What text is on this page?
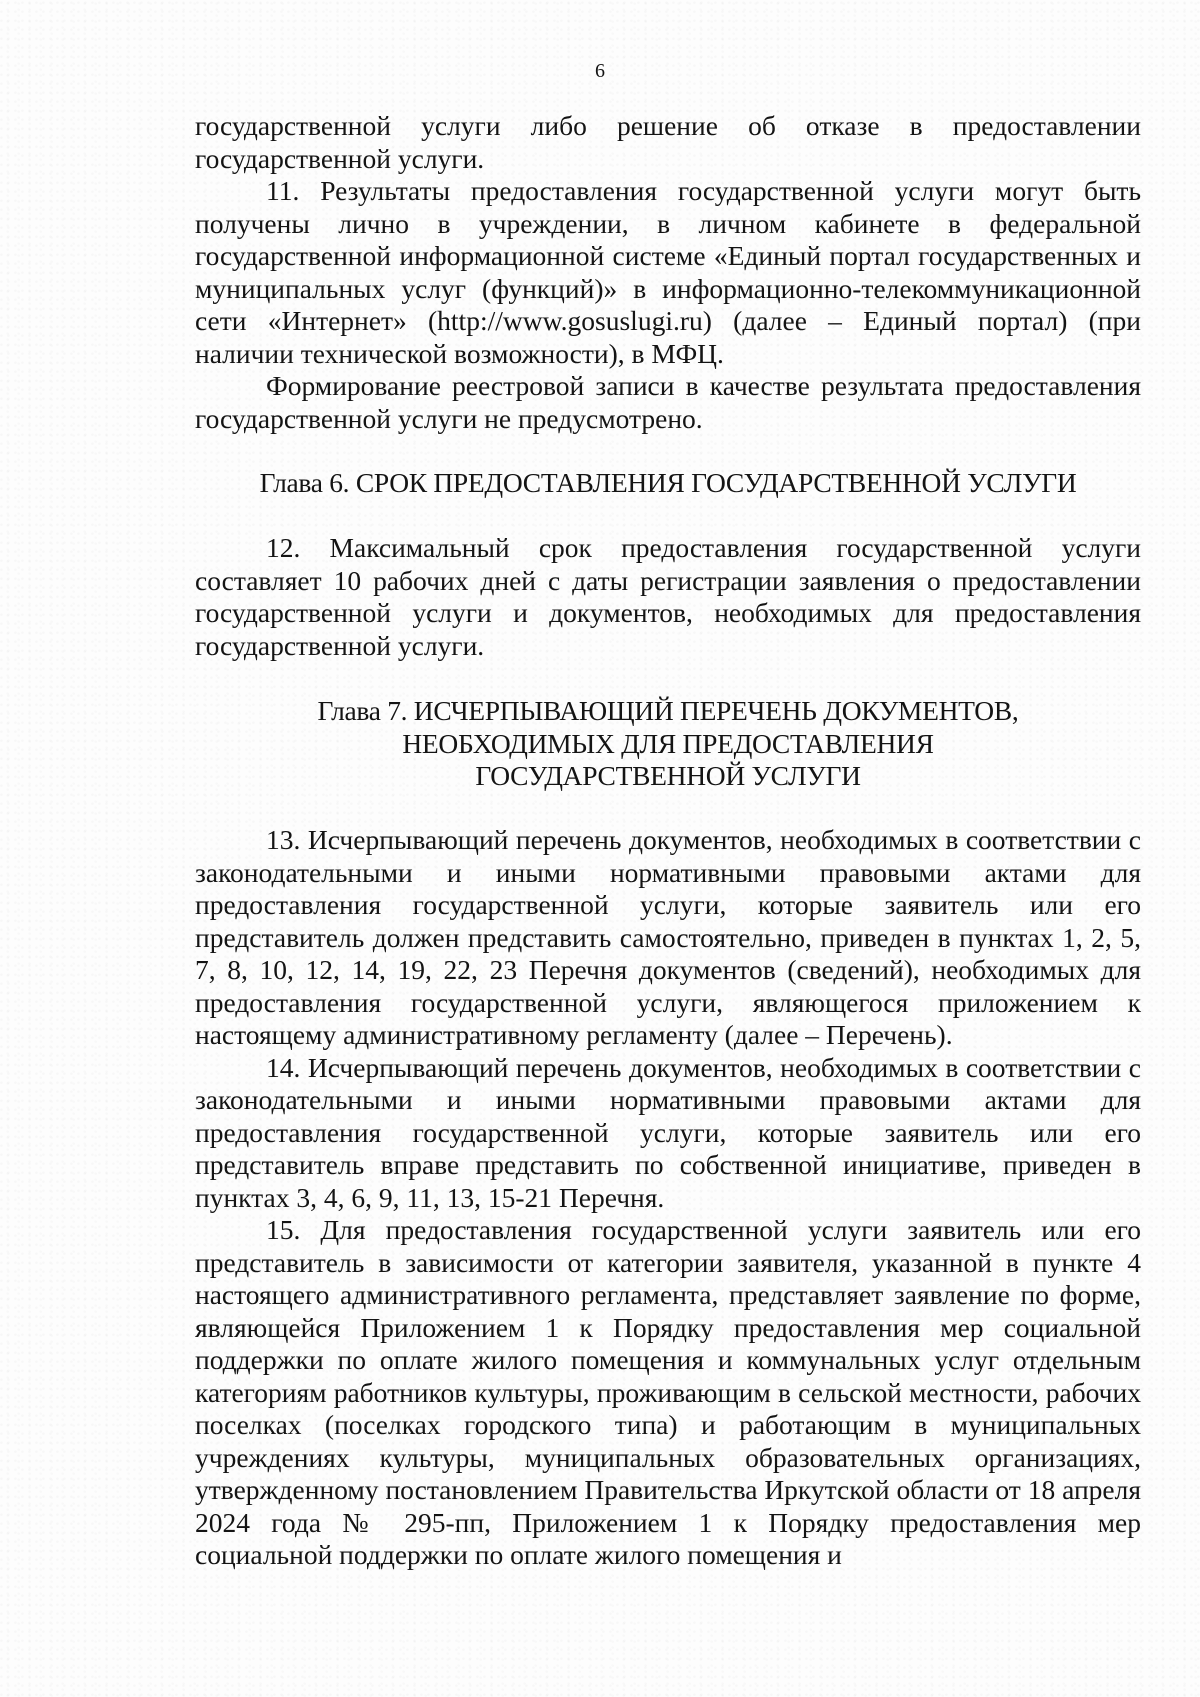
6

государственной услуги либо решение об отказе в предоставлении государственной услуги.

11. Результаты предоставления государственной услуги могут быть получены лично в учреждении, в личном кабинете в федеральной государственной информационной системе «Единый портал государственных и муниципальных услуг (функций)» в информационно-телекоммуникационной сети «Интернет» (http://www.gosuslugi.ru) (далее – Единый портал) (при наличии технической возможности), в МФЦ.

Формирование реестровой записи в качестве результата предоставления государственной услуги не предусмотрено.

Глава 6. СРОК ПРЕДОСТАВЛЕНИЯ ГОСУДАРСТВЕННОЙ УСЛУГИ

12. Максимальный срок предоставления государственной услуги составляет 10 рабочих дней с даты регистрации заявления о предоставлении государственной услуги и документов, необходимых для предоставления государственной услуги.

Глава 7. ИСЧЕРПЫВАЮЩИЙ ПЕРЕЧЕНЬ ДОКУМЕНТОВ,
НЕОБХОДИМЫХ ДЛЯ ПРЕДОСТАВЛЕНИЯ
ГОСУДАРСТВЕННОЙ УСЛУГИ

13. Исчерпывающий перечень документов, необходимых в соответствии с законодательными и иными нормативными правовыми актами для предоставления государственной услуги, которые заявитель или его представитель должен представить самостоятельно, приведен в пунктах 1, 2, 5, 7, 8, 10, 12, 14, 19, 22, 23 Перечня документов (сведений), необходимых для предоставления государственной услуги, являющегося приложением к настоящему административному регламенту (далее – Перечень).

14. Исчерпывающий перечень документов, необходимых в соответствии с законодательными и иными нормативными правовыми актами для предоставления государственной услуги, которые заявитель или его представитель вправе представить по собственной инициативе, приведен в пунктах 3, 4, 6, 9, 11, 13, 15-21 Перечня.

15. Для предоставления государственной услуги заявитель или его представитель в зависимости от категории заявителя, указанной в пункте 4 настоящего административного регламента, представляет заявление по форме, являющейся Приложением 1 к Порядку предоставления мер социальной поддержки по оплате жилого помещения и коммунальных услуг отдельным категориям работников культуры, проживающим в сельской местности, рабочих поселках (поселках городского типа) и работающим в муниципальных учреждениях культуры, муниципальных образовательных организациях, утвержденному постановлением Правительства Иркутской области от 18 апреля 2024 года № 295-пп, Приложением 1 к Порядку предоставления мер социальной поддержки по оплате жилого помещения и
